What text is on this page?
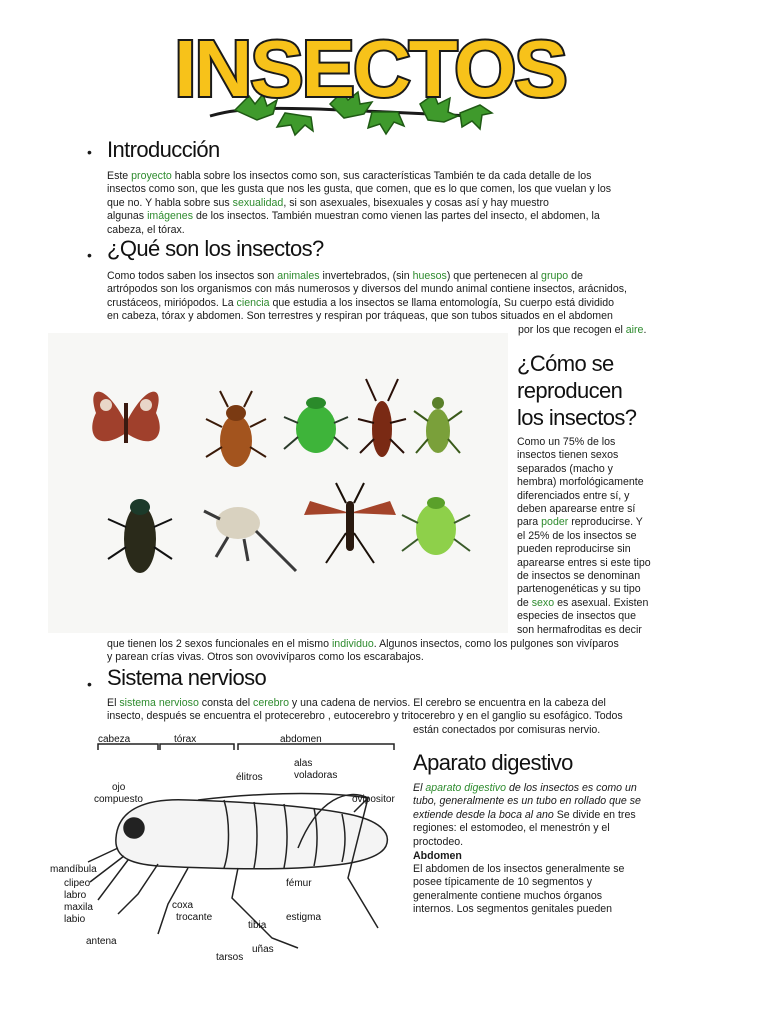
INSECTOS
• Introducción
Este proyecto habla sobre los insectos como son, sus características También te da cada detalle de los
insectos como son, que les gusta que nos les gusta, que comen, que es lo que comen, los que vuelan y los
que no. Y habla sobre sus sexualidad, si son asexuales, bisexuales y cosas así y hay muestro
algunas imágenes de los insectos. También muestran como vienen las partes del insecto, el abdomen, la
cabeza, el tórax.
• ¿Qué son los insectos?
Como todos saben los insectos son animales invertebrados, (sin huesos) que pertenecen al grupo de
artrópodos son los organismos con más numerosos y diversos del mundo animal contiene insectos, arácnidos,
crustáceos, miriópodos. La ciencia que estudia a los insectos se llama entomología, Su cuerpo está dividido
en cabeza, tórax y abdomen. Son terrestres y respiran por tráqueas, que son tubos situados en el abdomen
por los que recogen el aire.
¿Cómo se
reproducen
los insectos?
Como un 75% de los
insectos tienen sexos
separados (macho y
hembra) morfológicamente
diferenciados entre sí, y
deben aparearse entre sí
para poder reproducirse. Y
el 25% de los insectos se
pueden reproducirse sin
aparearse entres si este tipo
de insectos se denominan
partenogenéticas y su tipo
de sexo es asexual. Existen
especies de insectos que
son hermafroditas es decir
que tienen los 2 sexos funcionales en el mismo individuo. Algunos insectos, como los pulgones son vivíparos
y parean crías vivas. Otros son ovovivíparos como los escarabajos.
• Sistema nervioso
El sistema nervioso consta del cerebro y una cadena de nervios. El cerebro se encuentra en la cabeza del
insecto, después se encuentra el protecerebro , eutocerebro y tritocerebro y en el ganglio su esofágico. Todos
están conectados por comisuras nervio.
cabeza	tórax	abdomen
alas
voladoras
élitros
ojo
compuesto	ovipositor
mandíbula
clipeo
labro
maxila
labio
antena
coxa
trocante
fémur
tibia
estigma
uñas
tarsos
Aparato digestivo
El aparato digestivo de los insectos es como un
tubo, generalmente es un tubo en rollado que se
extiende desde la boca al ano Se divide en tres
regiones: el estomodeo, el menestrón y el
proctodeo.
Abdomen
El abdomen de los insectos generalmente se
posee típicamente de 10 segmentos y
generalmente contiene muchos órganos
internos. Los segmentos genitales pueden
